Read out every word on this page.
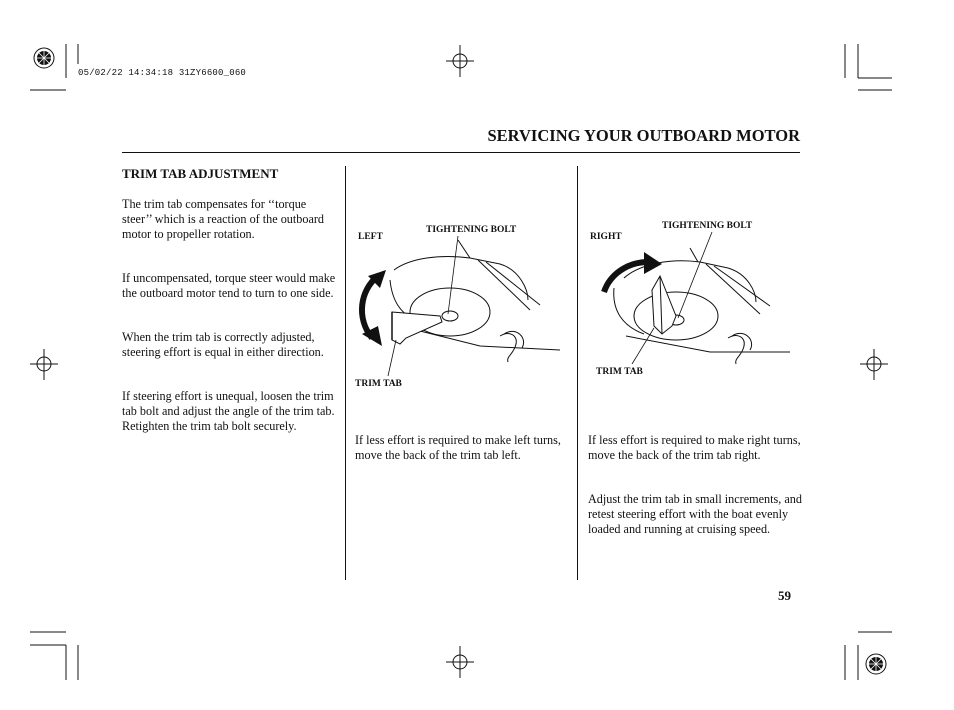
05/02/22 14:34:18 31ZY6600_060
SERVICING YOUR OUTBOARD MOTOR
TRIM TAB ADJUSTMENT
The trim tab compensates for ‘‘torque steer’’ which is a reaction of the outboard motor to propeller rotation.
If uncompensated, torque steer would make the outboard motor tend to turn to one side.
When the trim tab is correctly adjusted, steering effort is equal in either direction.
If steering effort is unequal, loosen the trim tab bolt and adjust the angle of the trim tab. Retighten the trim tab bolt securely.
TIGHTENING BOLT
LEFT
TRIM TAB
If less effort is required to make left turns, move the back of the trim tab left.
TIGHTENING BOLT
RIGHT
TRIM TAB
If less effort is required to make right turns, move the back of the trim tab right.
Adjust the trim tab in small increments, and retest steering effort with the boat evenly loaded and running at cruising speed.
59
